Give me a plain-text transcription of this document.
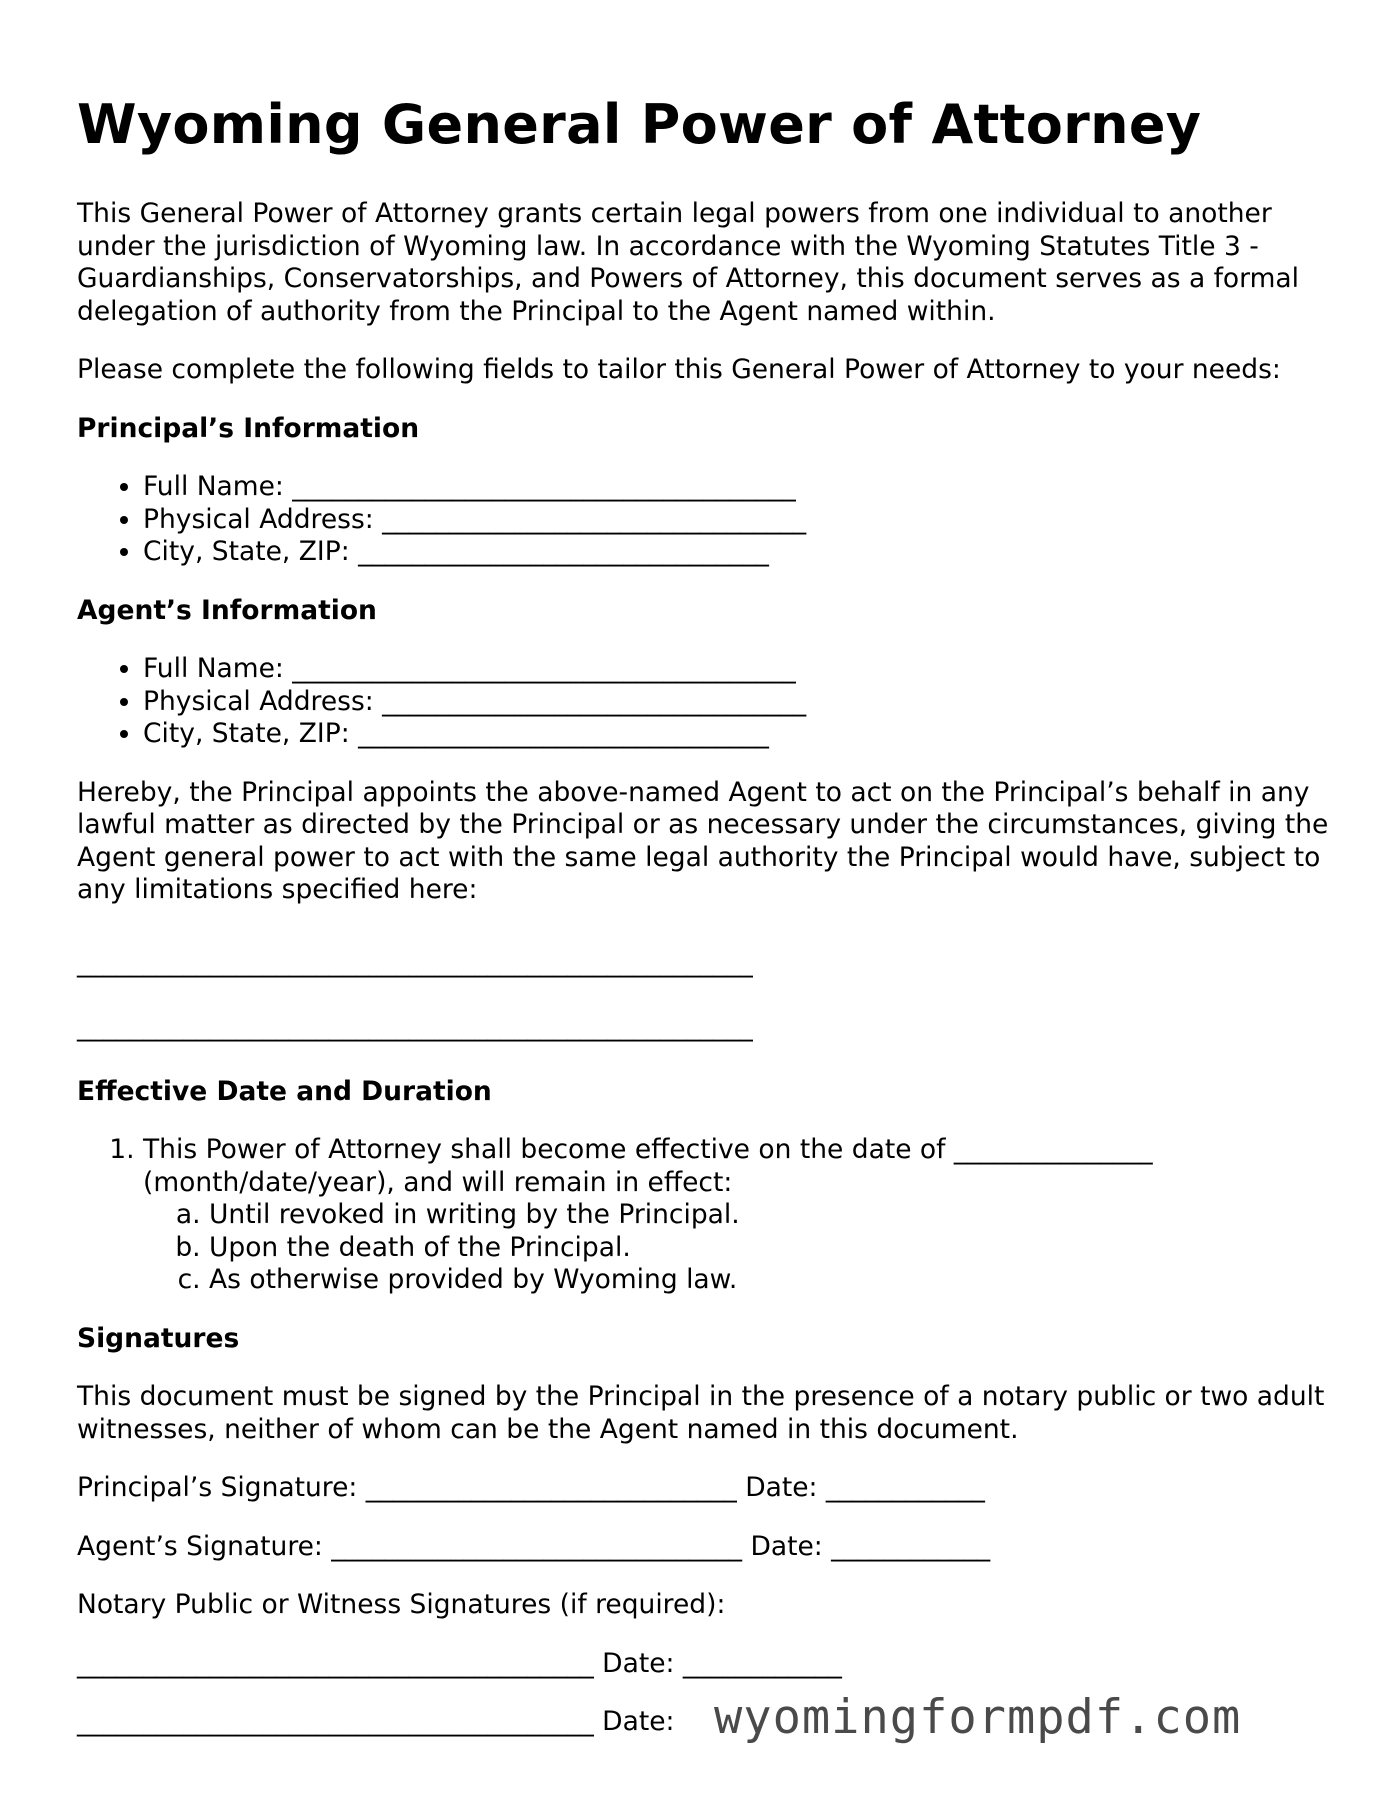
Wyoming General Power of Attorney

This General Power of Attorney grants certain legal powers from one individual to another under the jurisdiction of Wyoming law. In accordance with the Wyoming Statutes Title 3 - Guardianships, Conservatorships, and Powers of Attorney, this document serves as a formal delegation of authority from the Principal to the Agent named within.

Please complete the following fields to tailor this General Power of Attorney to your needs:

Principal’s Information
• Full Name: ______________________________________
• Physical Address: ________________________________
• City, State, ZIP: _______________________________
Agent’s Information
• Full Name: ______________________________________
• Physical Address: ________________________________
• City, State, ZIP: _______________________________

Hereby, the Principal appoints the above-named Agent to act on the Principal’s behalf in any lawful matter as directed by the Principal or as necessary under the circumstances, giving the Agent general power to act with the same legal authority the Principal would have, subject to any limitations specified here:

___________________________________________________
___________________________________________________
Effective Date and Duration
1. This Power of Attorney shall become effective on the date of _______________ (month/date/year), and will remain in effect:
a. Until revoked in writing by the Principal.
b. Upon the death of the Principal.
c. As otherwise provided by Wyoming law.
Signatures

This document must be signed by the Principal in the presence of a notary public or two adult witnesses, neither of whom can be the Agent named in this document.

Principal’s Signature: ____________________________ Date: ____________
Agent’s Signature: _______________________________ Date: ____________
Notary Public or Witness Signatures (if required):
_______________________________________ Date: ____________
_______________________________________ Date: wyomingformpdf.com
